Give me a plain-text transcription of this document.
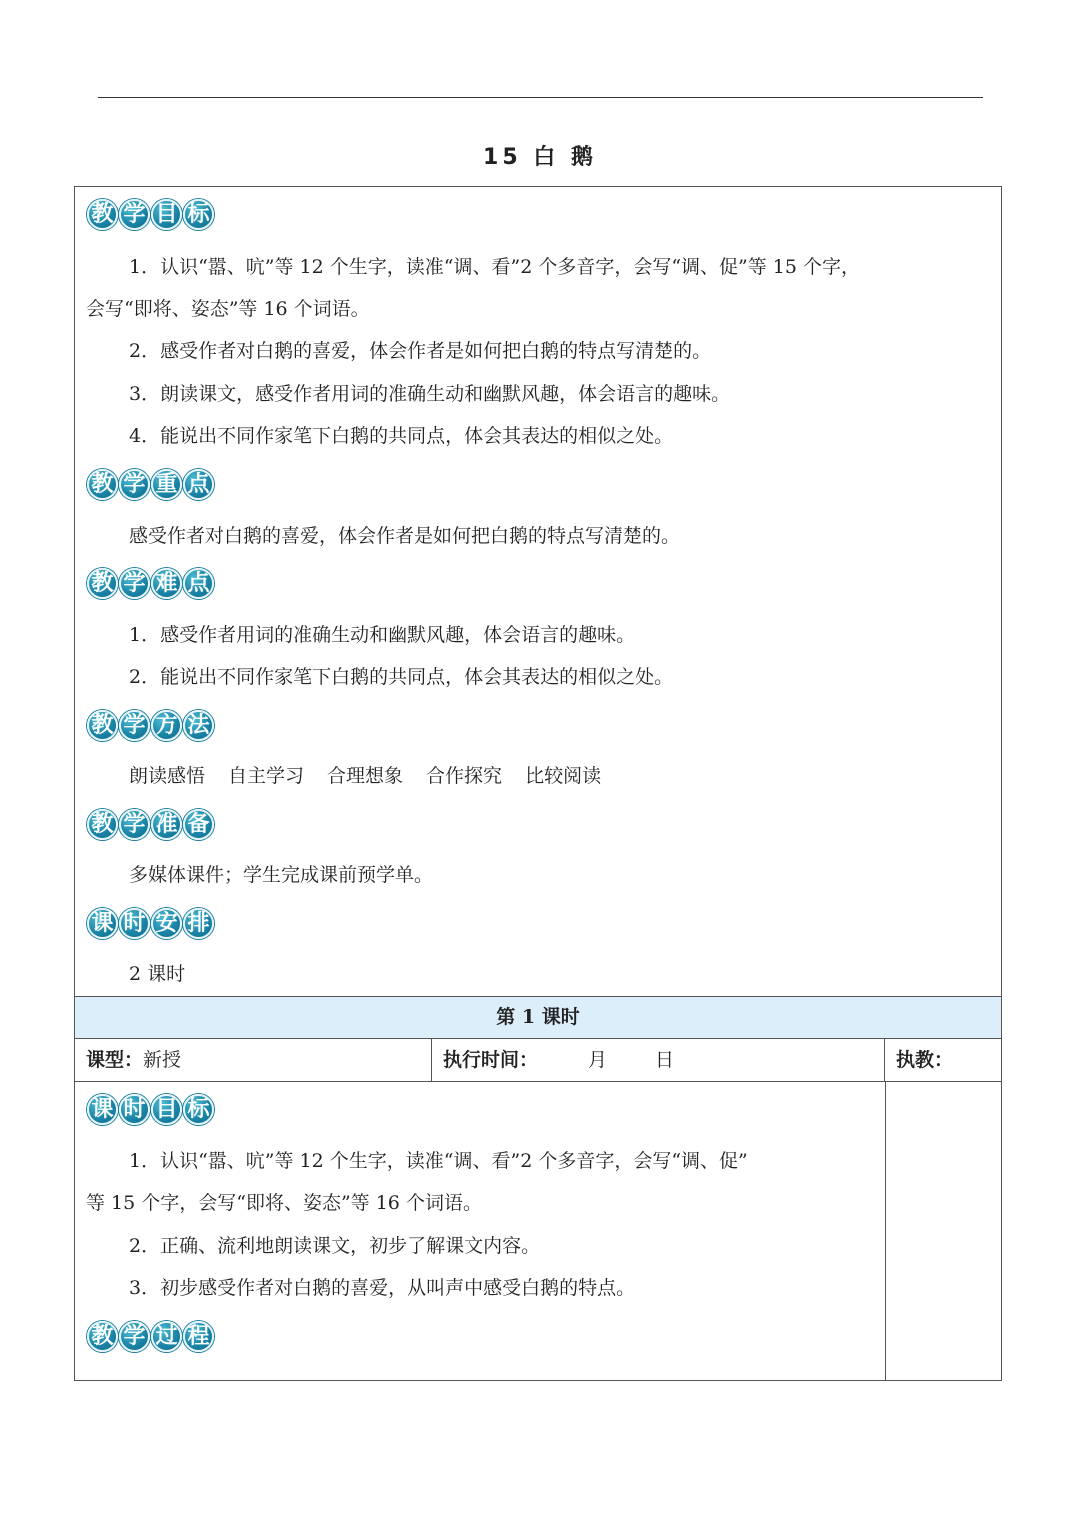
15 白 鹅
教 学 目 标
1．认识“嚣、吭”等 12 个生字，读准“调、看”2 个多音字，会写“调、促”等 15 个字，
会写“即将、姿态”等 16 个词语。
2．感受作者对白鹅的喜爱，体会作者是如何把白鹅的特点写清楚的。
3．朗读课文，感受作者用词的准确生动和幽默风趣，体会语言的趣味。
4．能说出不同作家笔下白鹅的共同点，体会其表达的相似之处。
教 学 重 点
感受作者对白鹅的喜爱，体会作者是如何把白鹅的特点写清楚的。
教 学 难 点
1．感受作者用词的准确生动和幽默风趣，体会语言的趣味。
2．能说出不同作家笔下白鹅的共同点，体会其表达的相似之处。
教 学 方 法
朗读感悟 自主学习 合理想象 合作探究 比较阅读
教 学 准 备
多媒体课件；学生完成课前预学单。
课 时 安 排
2 课时
第 1 课时
课型：新授	执行时间：	月	日	执教：
课 时 目 标
1．认识“嚣、吭”等 12 个生字，读准“调、看”2 个多音字，会写“调、促”
等 15 个字，会写“即将、姿态”等 16 个词语。
2．正确、流利地朗读课文，初步了解课文内容。
3．初步感受作者对白鹅的喜爱，从叫声中感受白鹅的特点。
教 学 过 程
